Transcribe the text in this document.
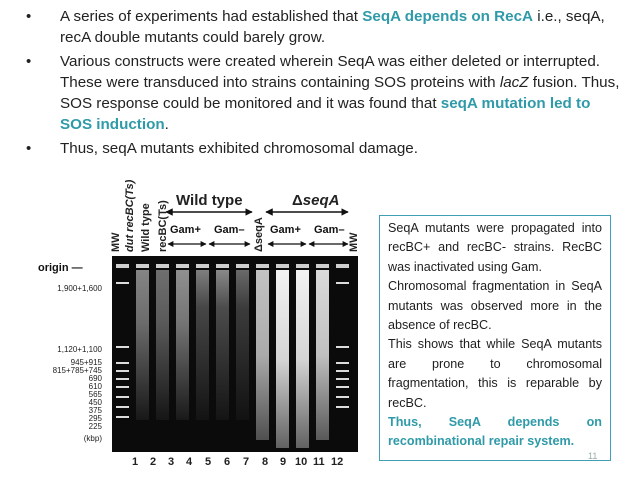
• A series of experiments had established that SeqA depends on RecA i.e., seqA, recA double mutants could barely grow.
• Various constructs were created wherein SeqA was either deleted or interrupted. These were transduced into strains containing SOS proteins with lacZ fusion. Thus, SOS response could be monitored and it was found that seqA mutation led to SOS induction.
• Thus, seqA mutants exhibited chromosomal damage.
MW dut recBC(Ts) Wild type recBC(Ts)	ΔseqA	MW
Wild type	ΔseqA
Gam+ Gam– Gam+ Gam–
origin —
1,900+1,600
1,120+1,100
945+915
815+785+745
690
610
565
450
375
295
225
(kbp)
1 2 3 4 5 6 7 8 9 10 11 12

SeqA mutants were propagated into recBC+ and recBC- strains. RecBC was inactivated using Gam.

Chromosomal fragmentation in SeqA mutants was observed more in the absence of recBC.

This shows that while SeqA mutants are prone to chromosomal fragmentation, this is reparable by recBC.

Thus, SeqA depends on recombinational repair system.

11
